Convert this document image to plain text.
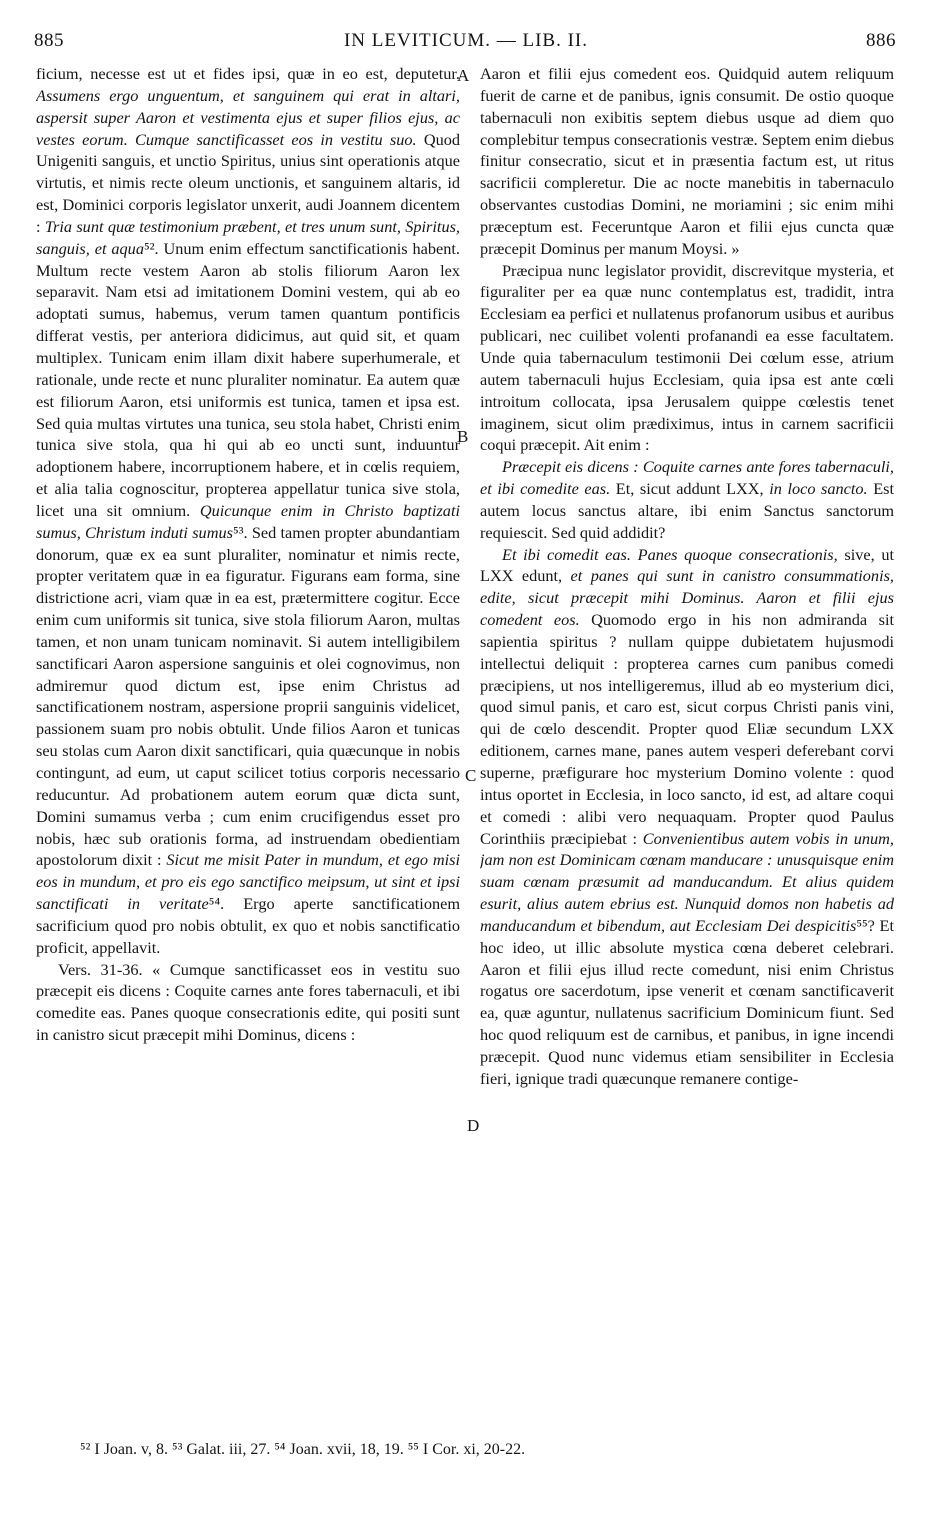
885	IN LEVITICUM. — LIB. II.	886

ficium, necesse est ut et fides ipsi, quæ in eo est, deputetur. Assumens ergo unguentum, et sanguinem qui erat in altari, aspersit super Aaron et vestimenta ejus et super filios ejus, ac vestes eorum. Cumque sanctificasset eos in vestitu suo. Quod Unigeniti sanguis, et unctio Spiritus, unius sint operationis atque virtutis, et nimis recte oleum unctionis, et sanguinem altaris, id est, Dominici corporis legislator unxerit, audi Joannem dicentem : Tria sunt quæ testimonium præbent, et tres unum sunt, Spiritus, sanguis, et aqua⁵². Unum enim effectum sanctificationis habent. Multum recte vestem Aaron ab stolis filiorum Aaron lex separavit. Nam etsi ad imitationem Domini vestem, qui ab eo adoptati sumus, habemus, verum tamen quantum pontificis differat vestis, per anteriora didicimus, aut quid sit, et quam multiplex. Tunicam enim illam dixit habere superhumerale, et rationale, unde recte et nunc pluraliter nominatur. Ea autem quæ est filiorum Aaron, etsi uniformis est tunica, tamen et ipsa est. Sed quia multas virtutes una tunica, seu stola habet, Christi enim tunica sive stola, qua hi qui ab eo uncti sunt, induuntur adoptionem habere, incorruptionem habere, et in cœlis requiem, et alia talia cognoscitur, propterea appellatur tunica sive stola, licet una sit omnium. Quicunque enim in Christo baptizati sumus, Christum induti sumus⁵³. Sed tamen propter abundantiam donorum, quæ ex ea sunt pluraliter, nominatur et nimis recte, propter veritatem quæ in ea figuratur. Figurans eam forma, sine districtione acri, viam quæ in ea est, prætermittere cogitur. Ecce enim cum uniformis sit tunica, sive stola filiorum Aaron, multas tamen, et non unam tunicam nominavit. Si autem intelligibilem sanctificari Aaron aspersione sanguinis et olei cognovimus, non admiremur quod dictum est, ipse enim Christus ad sanctificationem nostram, aspersione proprii sanguinis videlicet, passionem suam pro nobis obtulit. Unde filios Aaron et tunicas seu stolas cum Aaron dixit sanctificari, quia quæcunque in nobis contingunt, ad eum, ut caput scilicet totius corporis necessario reducuntur. Ad probationem autem eorum quæ dicta sunt, Domini sumamus verba ; cum enim crucifigendus esset pro nobis, hæc sub orationis forma, ad instruendam obedientiam apostolorum dixit : Sicut me misit Pater in mundum, et ego misi eos in mundum, et pro eis ego sanctifico meipsum, ut sint et ipsi sanctificati in veritate⁵⁴. Ergo aperte sanctificationem sacrificium quod pro nobis obtulit, ex quo et nobis sanctificatio proficit, appellavit.

Vers. 31-36. « Cumque sanctificasset eos in vestitu suo præcepit eis dicens : Coquite carnes ante fores tabernaculi, et ibi comedite eas. Panes quoque consecrationis edite, qui positi sunt in canistro sicut præcepit mihi Dominus, dicens :

Aaron et filii ejus comedent eos. Quidquid autem reliquum fuerit de carne et de panibus, ignis consumit. De ostio quoque tabernaculi non exibitis septem diebus usque ad diem quo complebitur tempus consecrationis vestræ. Septem enim diebus finitur consecratio, sicut et in præsentia factum est, ut ritus sacrificii compleretur. Die ac nocte manebitis in tabernaculo observantes custodias Domini, ne moriamini ; sic enim mihi præceptum est. Feceruntque Aaron et filii ejus cuncta quæ præcepit Dominus per manum Moysi. »

Præcipua nunc legislator providit, discrevitque mysteria, et figuraliter per ea quæ nunc contemplatus est, tradidit, intra Ecclesiam ea perfici et nullatenus profanorum usibus et auribus publicari, nec cuilibet volenti profanandi ea esse facultatem. Unde quia tabernaculum testimonii Dei cœlum esse, atrium autem tabernaculi hujus Ecclesiam, quia ipsa est ante cœli introitum collocata, ipsa Jerusalem quippe cœlestis tenet imaginem, sicut olim prædiximus, intus in carnem sacrificii coqui præcepit. Ait enim :

Præcepit eis dicens : Coquite carnes ante fores tabernaculi, et ibi comedite eas. Et, sicut addunt LXX, in loco sancto. Est autem locus sanctus altare, ibi enim Sanctus sanctorum requiescit. Sed quid addidit?

Et ibi comedit eas. Panes quoque consecrationis, sive, ut LXX edunt, et panes qui sunt in canistro consummationis, edite, sicut præcepit mihi Dominus. Aaron et filii ejus comedent eos. Quomodo ergo in his non admiranda sit sapientia spiritus ? nullam quippe dubietatem hujusmodi intellectui deliquit : propterea carnes cum panibus comedi præcipiens, ut nos intelligeremus, illud ab eo mysterium dici, quod simul panis, et caro est, sicut corpus Christi panis vini, qui de cœlo descendit. Propter quod Eliæ secundum LXX editionem, carnes mane, panes autem vesperi deferebant corvi superne, præfigurare hoc mysterium Domino volente : quod intus oportet in Ecclesia, in loco sancto, id est, ad altare coqui et comedi : alibi vero nequaquam. Propter quod Paulus Corinthiis præcipiebat : Convenientibus autem vobis in unum, jam non est Dominicam cœnam manducare : unusquisque enim suam cœnam præsumit ad manducandum. Et alius quidem esurit, alius autem ebrius est. Nunquid domos non habetis ad manducandum et bibendum, aut Ecclesiam Dei despicitis⁵⁵? Et hoc ideo, ut illic absolute mystica cœna deberet celebrari. Aaron et filii ejus illud recte comedunt, nisi enim Christus rogatus ore sacerdotum, ipse venerit et cœnam sanctificaverit ea, quæ aguntur, nullatenus sacrificium Dominicum fiunt. Sed hoc quod reliquum est de carnibus, et panibus, in igne incendi præcepit. Quod nunc videmus etiam sensibiliter in Ecclesia fieri, ignique tradi quæcunque remanere contige-

A
B
C
D
⁵² I Joan. v, 8. ⁵³ Galat. iii, 27. ⁵⁴ Joan. xvii, 18, 19. ⁵⁵ I Cor. xi, 20-22.
